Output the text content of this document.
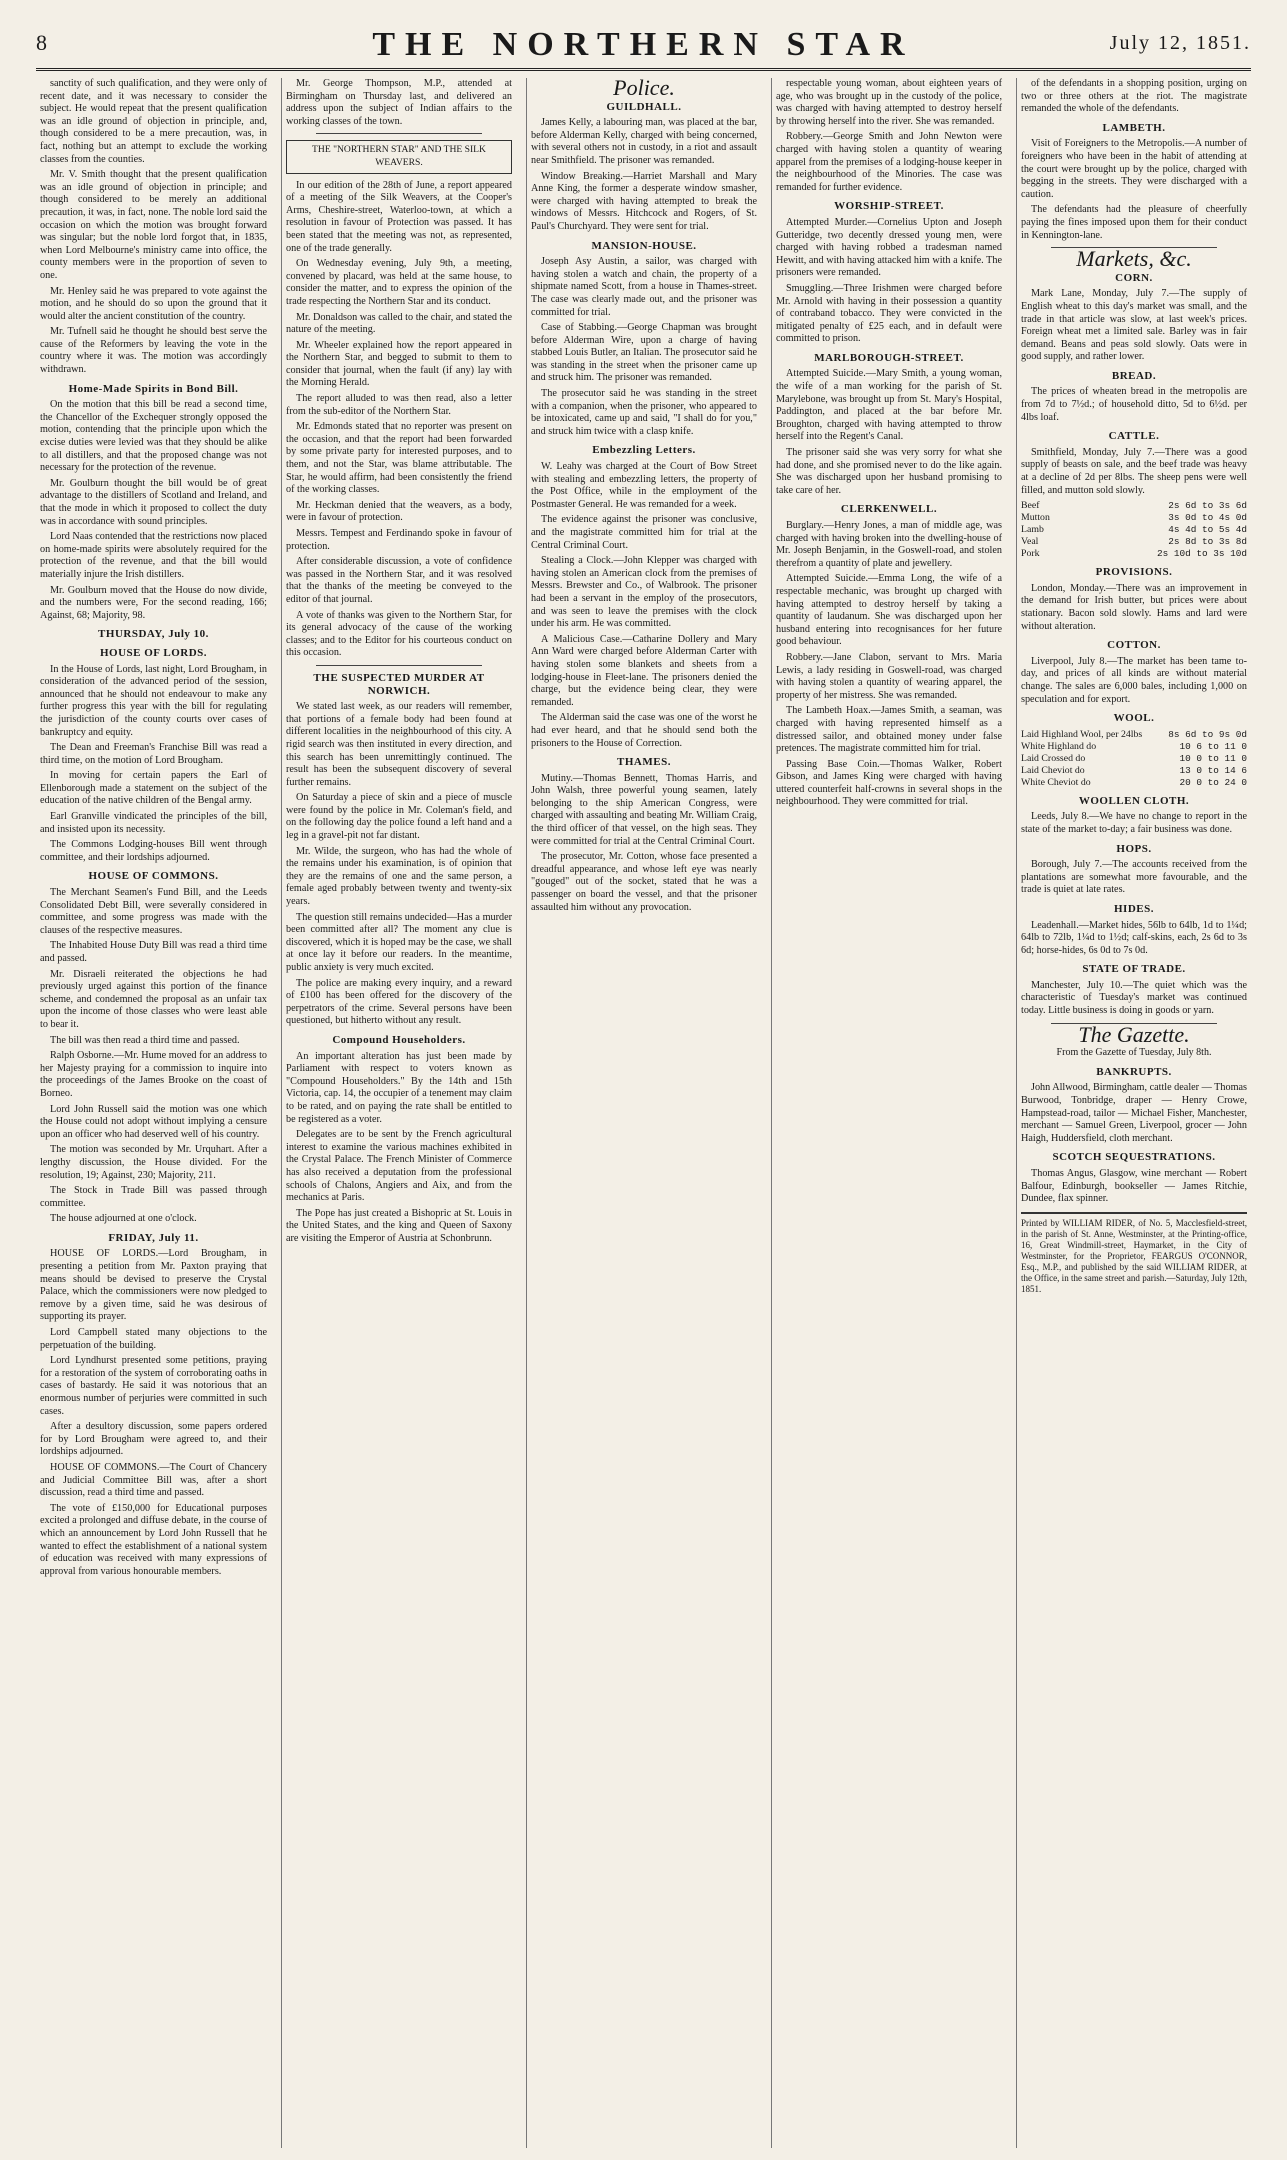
8	THE NORTHERN STAR	July 12, 1851.

sanctity of such qualification, and they were only of recent date, and it was necessary to consider the subject. He would repeat that the present qualification was an idle ground of objection in principle, and, though considered to be a mere precaution, was, in fact, nothing but an attempt to exclude the working classes from the counties.

Mr. V. Smith thought that the present qualification was an idle ground of objection in principle; and though considered to be merely an additional precaution, it was, in fact, none. The noble lord said the occasion on which the motion was brought forward was singular; but the noble lord forgot that, in 1835, when Lord Melbourne's ministry came into office, the county members were in the proportion of seven to one.

Mr. Henley said he was prepared to vote against the motion, and he should do so upon the ground that it would alter the ancient constitution of the country.

Mr. Tufnell said he thought he should best serve the cause of the Reformers by leaving the vote in the country where it was. The motion was accordingly withdrawn.

Home-Made Spirits in Bond Bill.

On the motion that this bill be read a second time, the Chancellor of the Exchequer strongly opposed the motion, contending that the principle upon which the excise duties were levied was that they should be alike to all distillers, and that the proposed change was not necessary for the protection of the revenue.

Mr. Goulburn thought the bill would be of great advantage to the distillers of Scotland and Ireland, and that the mode in which it proposed to collect the duty was in accordance with sound principles.

Lord Naas contended that the restrictions now placed on home-made spirits were absolutely required for the protection of the revenue, and that the bill would materially injure the Irish distillers.

Mr. Goulburn moved that the House do now divide, and the numbers were, For the second reading, 166; Against, 68; Majority, 98.

THURSDAY, July 10.
HOUSE OF LORDS.

In the House of Lords, last night, Lord Brougham, in consideration of the advanced period of the session, announced that he should not endeavour to make any further progress this year with the bill for regulating the jurisdiction of the county courts over cases of bankruptcy and equity.

The Dean and Freeman's Franchise Bill was read a third time, on the motion of Lord Brougham.

In moving for certain papers the Earl of Ellenborough made a statement on the subject of the education of the native children of the Bengal army.

Earl Granville vindicated the principles of the bill, and insisted upon its necessity.

The Commons Lodging-houses Bill went through committee, and their lordships adjourned.

HOUSE OF COMMONS.

The Merchant Seamen's Fund Bill, and the Leeds Consolidated Debt Bill, were severally considered in committee, and some progress was made with the clauses of the respective measures.

The Inhabited House Duty Bill was read a third time and passed.

Mr. Disraeli reiterated the objections he had previously urged against this portion of the finance scheme, and condemned the proposal as an unfair tax upon the income of those classes who were least able to bear it.

The bill was then read a third time and passed.

Ralph Osborne.—Mr. Hume moved for an address to her Majesty praying for a commission to inquire into the proceedings of the James Brooke on the coast of Borneo.

Lord John Russell said the motion was one which the House could not adopt without implying a censure upon an officer who had deserved well of his country.

The motion was seconded by Mr. Urquhart. After a lengthy discussion, the House divided. For the resolution, 19; Against, 230; Majority, 211.

The Stock in Trade Bill was passed through committee.

The house adjourned at one o'clock.

FRIDAY, July 11.

HOUSE OF LORDS.—Lord Brougham, in presenting a petition from Mr. Paxton praying that means should be devised to preserve the Crystal Palace, which the commissioners were now pledged to remove by a given time, said he was desirous of supporting its prayer.

Lord Campbell stated many objections to the perpetuation of the building.

Lord Lyndhurst presented some petitions, praying for a restoration of the system of corroborating oaths in cases of bastardy. He said it was notorious that an enormous number of perjuries were committed in such cases.

After a desultory discussion, some papers ordered for by Lord Brougham were agreed to, and their lordships adjourned.

HOUSE OF COMMONS.—The Court of Chancery and Judicial Committee Bill was, after a short discussion, read a third time and passed.

The vote of £150,000 for Educational purposes excited a prolonged and diffuse debate, in the course of which an announcement by Lord John Russell that he wanted to effect the establishment of a national system of education was received with many expressions of approval from various honourable members.

Mr. George Thompson, M.P., attended at Birmingham on Thursday last, and delivered an address upon the subject of Indian affairs to the working classes of the town.

THE "NORTHERN STAR" AND THE SILK WEAVERS.

In our edition of the 28th of June, a report appeared of a meeting of the Silk Weavers, at the Cooper's Arms, Cheshire-street, Waterloo-town, at which a resolution in favour of Protection was passed. It has been stated that the meeting was not, as represented, one of the trade generally.

On Wednesday evening, July 9th, a meeting, convened by placard, was held at the same house, to consider the matter, and to express the opinion of the trade respecting the Northern Star and its conduct.

Mr. Donaldson was called to the chair, and stated the nature of the meeting.

Mr. Wheeler explained how the report appeared in the Northern Star, and begged to submit to them to consider that journal, when the fault (if any) lay with the Morning Herald.

The report alluded to was then read, also a letter from the sub-editor of the Northern Star.

Mr. Edmonds stated that no reporter was present on the occasion, and that the report had been forwarded by some private party for interested purposes, and to them, and not the Star, was blame attributable. The Star, he would affirm, had been consistently the friend of the working classes.

Mr. Heckman denied that the weavers, as a body, were in favour of protection.

Messrs. Tempest and Ferdinando spoke in favour of protection.

After considerable discussion, a vote of confidence was passed in the Northern Star, and it was resolved that the thanks of the meeting be conveyed to the editor of that journal.

A vote of thanks was given to the Northern Star, for its general advocacy of the cause of the working classes; and to the Editor for his courteous conduct on this occasion.

THE SUSPECTED MURDER AT NORWICH.

We stated last week, as our readers will remember, that portions of a female body had been found at different localities in the neighbourhood of this city. A rigid search was then instituted in every direction, and this search has been unremittingly continued. The result has been the subsequent discovery of several further remains.

On Saturday a piece of skin and a piece of muscle were found by the police in Mr. Coleman's field, and on the following day the police found a left hand and a leg in a gravel-pit not far distant.

Mr. Wilde, the surgeon, who has had the whole of the remains under his examination, is of opinion that they are the remains of one and the same person, a female aged probably between twenty and twenty-six years.

The question still remains undecided—Has a murder been committed after all? The moment any clue is discovered, which it is hoped may be the case, we shall at once lay it before our readers. In the meantime, public anxiety is very much excited.

The police are making every inquiry, and a reward of £100 has been offered for the discovery of the perpetrators of the crime. Several persons have been questioned, but hitherto without any result.

Compound Householders.

An important alteration has just been made by Parliament with respect to voters known as "Compound Householders." By the 14th and 15th Victoria, cap. 14, the occupier of a tenement may claim to be rated, and on paying the rate shall be entitled to be registered as a voter.

Delegates are to be sent by the French agricultural interest to examine the various machines exhibited in the Crystal Palace. The French Minister of Commerce has also received a deputation from the professional schools of Chalons, Angiers and Aix, and from the mechanics at Paris.

The Pope has just created a Bishopric at St. Louis in the United States, and the king and Queen of Saxony are visiting the Emperor of Austria at Schonbrunn.

Police.
GUILDHALL.

James Kelly, a labouring man, was placed at the bar, before Alderman Kelly, charged with being concerned, with several others not in custody, in a riot and assault near Smithfield. The prisoner was remanded.

Window Breaking.—Harriet Marshall and Mary Anne King, the former a desperate window smasher, were charged with having attempted to break the windows of Messrs. Hitchcock and Rogers, of St. Paul's Churchyard. They were sent for trial.

MANSION-HOUSE.

Joseph Asy Austin, a sailor, was charged with having stolen a watch and chain, the property of a shipmate named Scott, from a house in Thames-street. The case was clearly made out, and the prisoner was committed for trial.

Case of Stabbing.—George Chapman was brought before Alderman Wire, upon a charge of having stabbed Louis Butler, an Italian. The prosecutor said he was standing in the street when the prisoner came up and struck him. The prisoner was remanded.

The prosecutor said he was standing in the street with a companion, when the prisoner, who appeared to be intoxicated, came up and said, "I shall do for you," and struck him twice with a clasp knife.

Embezzling Letters.

W. Leahy was charged at the Court of Bow Street with stealing and embezzling letters, the property of the Post Office, while in the employment of the Postmaster General. He was remanded for a week.

The evidence against the prisoner was conclusive, and the magistrate committed him for trial at the Central Criminal Court.

Stealing a Clock.—John Klepper was charged with having stolen an American clock from the premises of Messrs. Brewster and Co., of Walbrook. The prisoner had been a servant in the employ of the prosecutors, and was seen to leave the premises with the clock under his arm. He was committed.

A Malicious Case.—Catharine Dollery and Mary Ann Ward were charged before Alderman Carter with having stolen some blankets and sheets from a lodging-house in Fleet-lane. The prisoners denied the charge, but the evidence being clear, they were remanded.

The Alderman said the case was one of the worst he had ever heard, and that he should send both the prisoners to the House of Correction.

THAMES.

Mutiny.—Thomas Bennett, Thomas Harris, and John Walsh, three powerful young seamen, lately belonging to the ship American Congress, were charged with assaulting and beating Mr. William Craig, the third officer of that vessel, on the high seas. They were committed for trial at the Central Criminal Court.

The prosecutor, Mr. Cotton, whose face presented a dreadful appearance, and whose left eye was nearly "gouged" out of the socket, stated that he was a passenger on board the vessel, and that the prisoner assaulted him without any provocation.

respectable young woman, about eighteen years of age, who was brought up in the custody of the police, was charged with having attempted to destroy herself by throwing herself into the river. She was remanded.

Robbery.—George Smith and John Newton were charged with having stolen a quantity of wearing apparel from the premises of a lodging-house keeper in the neighbourhood of the Minories. The case was remanded for further evidence.

WORSHIP-STREET.

Attempted Murder.—Cornelius Upton and Joseph Gutteridge, two decently dressed young men, were charged with having robbed a tradesman named Hewitt, and with having attacked him with a knife. The prisoners were remanded.

Smuggling.—Three Irishmen were charged before Mr. Arnold with having in their possession a quantity of contraband tobacco. They were convicted in the mitigated penalty of £25 each, and in default were committed to prison.

MARLBOROUGH-STREET.

Attempted Suicide.—Mary Smith, a young woman, the wife of a man working for the parish of St. Marylebone, was brought up from St. Mary's Hospital, Paddington, and placed at the bar before Mr. Broughton, charged with having attempted to throw herself into the Regent's Canal.

The prisoner said she was very sorry for what she had done, and she promised never to do the like again. She was discharged upon her husband promising to take care of her.

CLERKENWELL.

Burglary.—Henry Jones, a man of middle age, was charged with having broken into the dwelling-house of Mr. Joseph Benjamin, in the Goswell-road, and stolen therefrom a quantity of plate and jewellery.

Attempted Suicide.—Emma Long, the wife of a respectable mechanic, was brought up charged with having attempted to destroy herself by taking a quantity of laudanum. She was discharged upon her husband entering into recognisances for her future good behaviour.

Robbery.—Jane Clabon, servant to Mrs. Maria Lewis, a lady residing in Goswell-road, was charged with having stolen a quantity of wearing apparel, the property of her mistress. She was remanded.

The Lambeth Hoax.—James Smith, a seaman, was charged with having represented himself as a distressed sailor, and obtained money under false pretences. The magistrate committed him for trial.

Passing Base Coin.—Thomas Walker, Robert Gibson, and James King were charged with having uttered counterfeit half-crowns in several shops in the neighbourhood. They were committed for trial.

of the defendants in a shopping position, urging on two or three others at the riot. The magistrate remanded the whole of the defendants.

LAMBETH.

Visit of Foreigners to the Metropolis.—A number of foreigners who have been in the habit of attending at the court were brought up by the police, charged with begging in the streets. They were discharged with a caution.

The defendants had the pleasure of cheerfully paying the fines imposed upon them for their conduct in Kennington-lane.

Markets, &c.
CORN.

Mark Lane, Monday, July 7.—The supply of English wheat to this day's market was small, and the trade in that article was slow, at last week's prices. Foreign wheat met a limited sale. Barley was in fair demand. Beans and peas sold slowly. Oats were in good supply, and rather lower.

BREAD.

The prices of wheaten bread in the metropolis are from 7d to 7½d.; of household ditto, 5d to 6½d. per 4lbs loaf.

CATTLE.

Smithfield, Monday, July 7.—There was a good supply of beasts on sale, and the beef trade was heavy at a decline of 2d per 8lbs. The sheep pens were well filled, and mutton sold slowly.

Beef	2s 6d to 3s 6d
Mutton	3s 0d to 4s 0d
Lamb	4s 4d to 5s 4d
Veal	2s 8d to 3s 8d
Pork	2s 10d to 3s 10d
PROVISIONS.

London, Monday.—There was an improvement in the demand for Irish butter, but prices were about stationary. Bacon sold slowly. Hams and lard were without alteration.

COTTON.

Liverpool, July 8.—The market has been tame to-day, and prices of all kinds are without material change. The sales are 6,000 bales, including 1,000 on speculation and for export.

WOOL.
Laid Highland Wool, per 24lbs	8s 6d to 9s 0d
White Highland do	10 6 to 11 0
Laid Crossed do	10 0 to 11 0
Laid Cheviot do	13 0 to 14 6
White Cheviot do	20 0 to 24 0
WOOLLEN CLOTH.

Leeds, July 8.—We have no change to report in the state of the market to-day; a fair business was done.

HOPS.

Borough, July 7.—The accounts received from the plantations are somewhat more favourable, and the trade is quiet at late rates.

HIDES.

Leadenhall.—Market hides, 56lb to 64lb, 1d to 1¼d; 64lb to 72lb, 1¼d to 1½d; calf-skins, each, 2s 6d to 3s 6d; horse-hides, 6s 0d to 7s 0d.

STATE OF TRADE.

Manchester, July 10.—The quiet which was the characteristic of Tuesday's market was continued today. Little business is doing in goods or yarn.

The Gazette.
From the Gazette of Tuesday, July 8th.
BANKRUPTS.

John Allwood, Birmingham, cattle dealer — Thomas Burwood, Tonbridge, draper — Henry Crowe, Hampstead-road, tailor — Michael Fisher, Manchester, merchant — Samuel Green, Liverpool, grocer — John Haigh, Huddersfield, cloth merchant.

SCOTCH SEQUESTRATIONS.

Thomas Angus, Glasgow, wine merchant — Robert Balfour, Edinburgh, bookseller — James Ritchie, Dundee, flax spinner.

Printed by WILLIAM RIDER, of No. 5, Macclesfield-street, in the parish of St. Anne, Westminster, at the Printing-office, 16, Great Windmill-street, Haymarket, in the City of Westminster, for the Proprietor, FEARGUS O'CONNOR, Esq., M.P., and published by the said WILLIAM RIDER, at the Office, in the same street and parish.—Saturday, July 12th, 1851.
